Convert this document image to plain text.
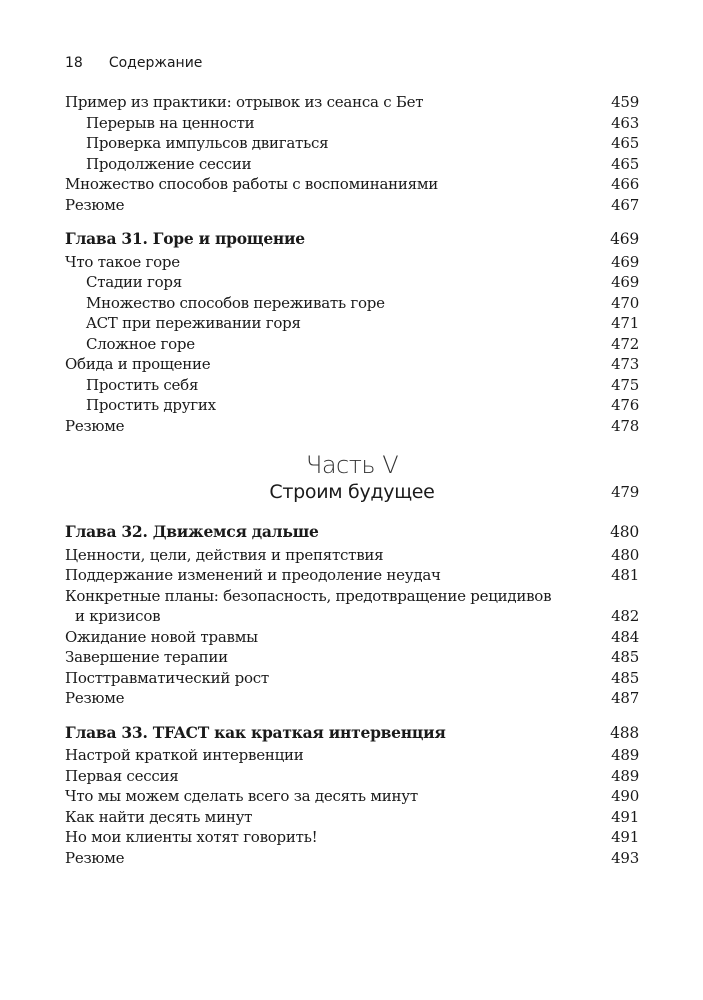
18 Содержание
Пример из практики: отрывок из сеанса с Бет	459
Перерыв на ценности	463
Проверка импульсов двигаться	465
Продолжение сессии	465
Множество способов работы с воспоминаниями	466
Резюме	467
Глава 31. Горе и прощение	469
Что такое горе	469
Стадии горя	469
Множество способов переживать горе	470
ACT при переживании горя	471
Сложное горе	472
Обида и прощение	473
Простить себя	475
Простить других	476
Резюме	478
Часть V
Строим будущее	479
Глава 32. Движемся дальше	480
Ценности, цели, действия и препятствия	480
Поддержание изменений и преодоление неудач	481
Конкретные планы: безопасность, предотвращение рецидивов
и кризисов	482
Ожидание новой травмы	484
Завершение терапии	485
Посттравматический рост	485
Резюме	487
Глава 33. TFACT как краткая интервенция	488
Настрой краткой интервенции	489
Первая сессия	489
Что мы можем сделать всего за десять минут	490
Как найти десять минут	491
Но мои клиенты хотят говорить!	491
Резюме	493
